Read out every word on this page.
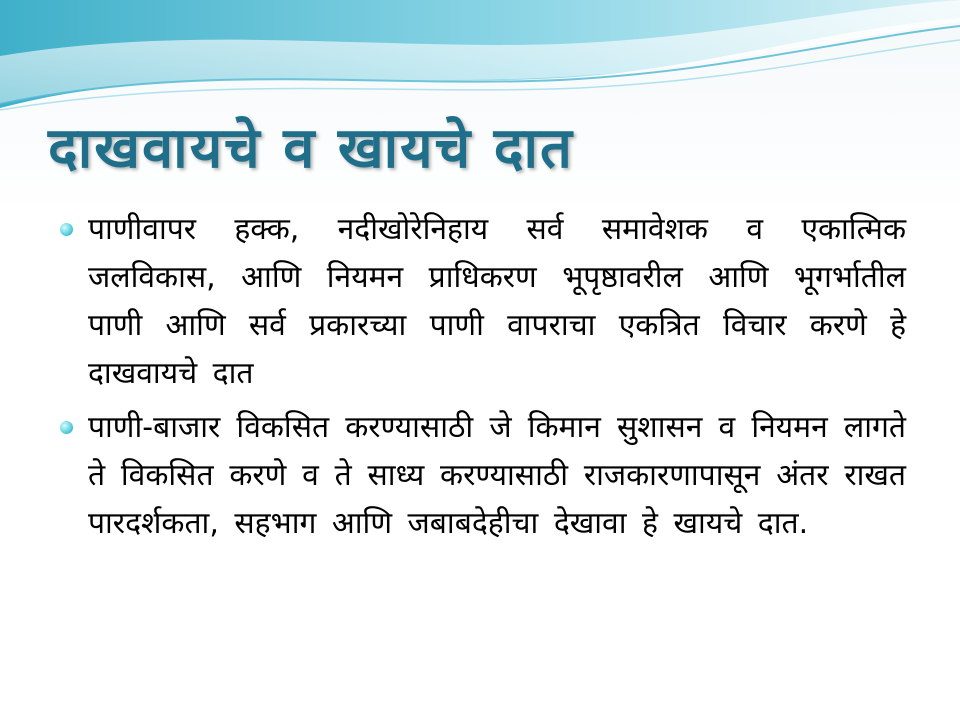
दाखवायचे व खायचे दात
पाणीवापर हक्क, नदीखोरेनिहाय सर्व समावेशक व एकात्मिक जलविकास, आणि नियमन प्राधिकरण भूपृष्ठावरील आणि भूगर्भातील पाणी आणि सर्व प्रकारच्या पाणी वापराचा एकत्रित विचार करणे हे दाखवायचे दात
पाणी-बाजार विकसित करण्यासाठी जे किमान सुशासन व नियमन लागते ते विकसित करणे व ते साध्य करण्यासाठी राजकारणापासून अंतर राखत पारदर्शकता, सहभाग आणि जबाबदेहीचा देखावा हे खायचे दात.
